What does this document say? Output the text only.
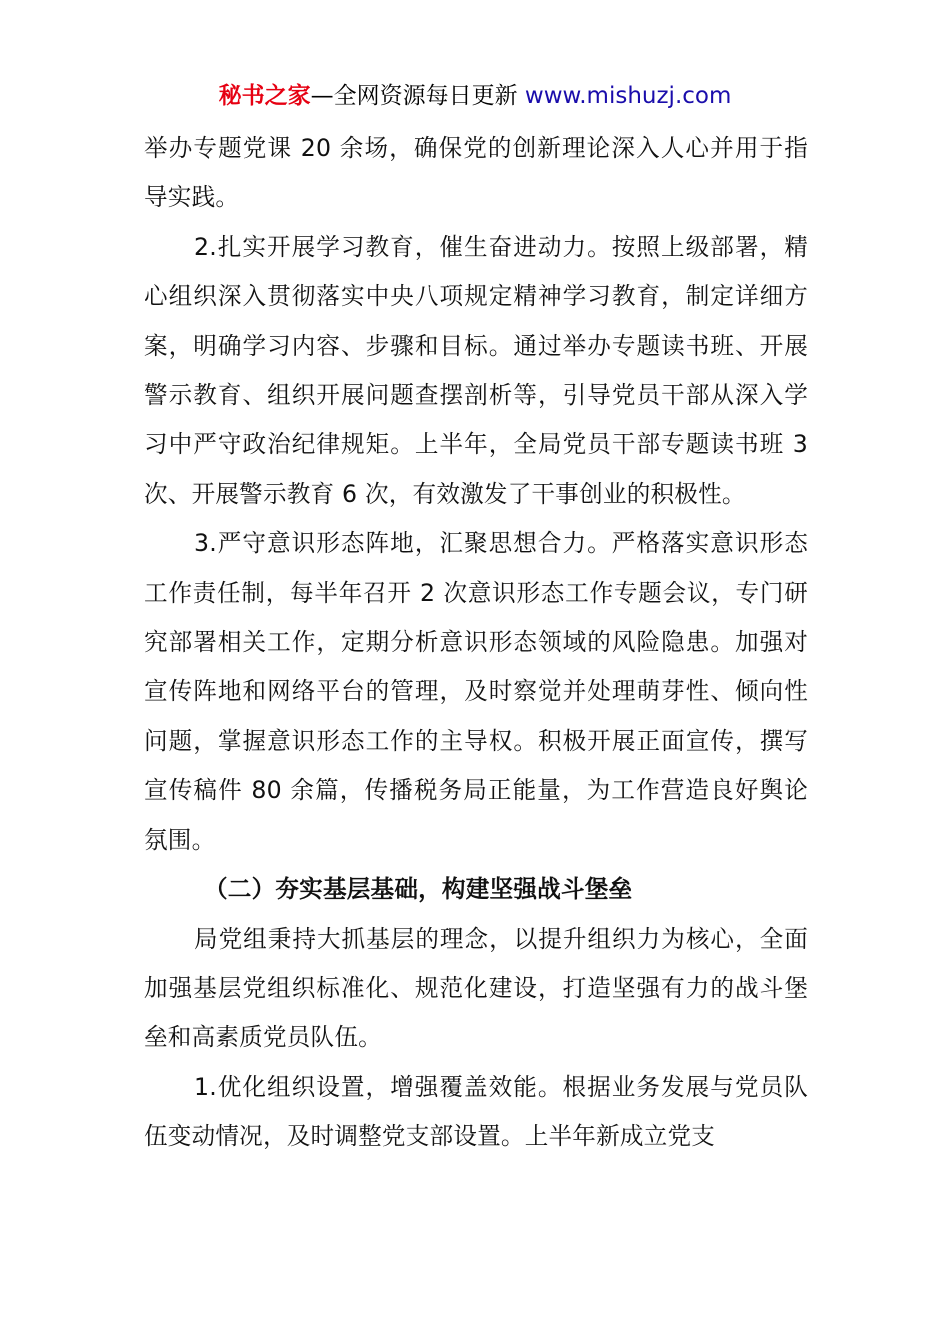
秘书之家—全网资源每日更新 www.mishuzj.com

举办专题党课 20 余场，确保党的创新理论深入人心并用于指导实践。

2.扎实开展学习教育，催生奋进动力。按照上级部署，精心组织深入贯彻落实中央八项规定精神学习教育，制定详细方案，明确学习内容、步骤和目标。通过举办专题读书班、开展警示教育、组织开展问题查摆剖析等，引导党员干部从深入学习中严守政治纪律规矩。上半年，全局党员干部专题读书班 3 次、开展警示教育 6 次，有效激发了干事创业的积极性。

3.严守意识形态阵地，汇聚思想合力。严格落实意识形态工作责任制，每半年召开 2 次意识形态工作专题会议，专门研究部署相关工作，定期分析意识形态领域的风险隐患。加强对宣传阵地和网络平台的管理，及时察觉并处理萌芽性、倾向性问题，掌握意识形态工作的主导权。积极开展正面宣传，撰写宣传稿件 80 余篇，传播税务局正能量，为工作营造良好舆论氛围。

（二）夯实基层基础，构建坚强战斗堡垒

局党组秉持大抓基层的理念，以提升组织力为核心，全面加强基层党组织标准化、规范化建设，打造坚强有力的战斗堡垒和高素质党员队伍。

1.优化组织设置，增强覆盖效能。根据业务发展与党员队伍变动情况，及时调整党支部设置。上半年新成立党支
